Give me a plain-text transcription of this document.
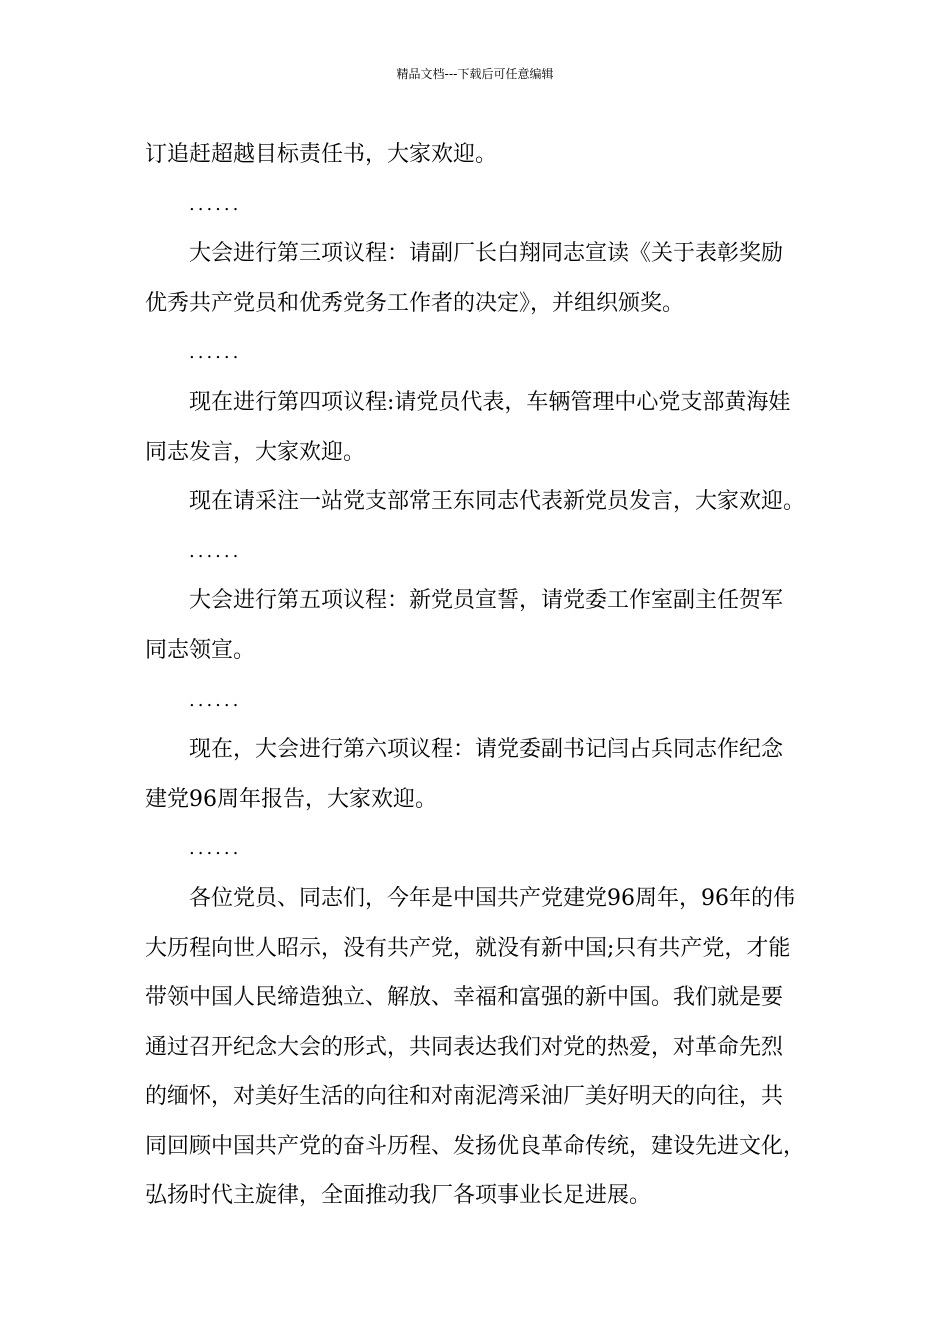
精品文档---下载后可任意编辑

订追赶超越目标责任书，大家欢迎。

......

大会进行第三项议程：请副厂长白翔同志宣读《关于表彰奖励

优秀共产党员和优秀党务工作者的决定》，并组织颁奖。

......

现在进行第四项议程:请党员代表，车辆管理中心党支部黄海娃

同志发言，大家欢迎。

现在请采注一站党支部常王东同志代表新党员发言，大家欢迎。

......

大会进行第五项议程：新党员宣誓，请党委工作室副主任贺军

同志领宣。

......

现在，大会进行第六项议程：请党委副书记闫占兵同志作纪念

建党96周年报告，大家欢迎。

......

各位党员、同志们，今年是中国共产党建党96周年，96年的伟

大历程向世人昭示，没有共产党，就没有新中国;只有共产党，才能

带领中国人民缔造独立、解放、幸福和富强的新中国。我们就是要

通过召开纪念大会的形式，共同表达我们对党的热爱，对革命先烈

的缅怀，对美好生活的向往和对南泥湾采油厂美好明天的向往，共

同回顾中国共产党的奋斗历程、发扬优良革命传统，建设先进文化，

弘扬时代主旋律，全面推动我厂各项事业长足进展。
